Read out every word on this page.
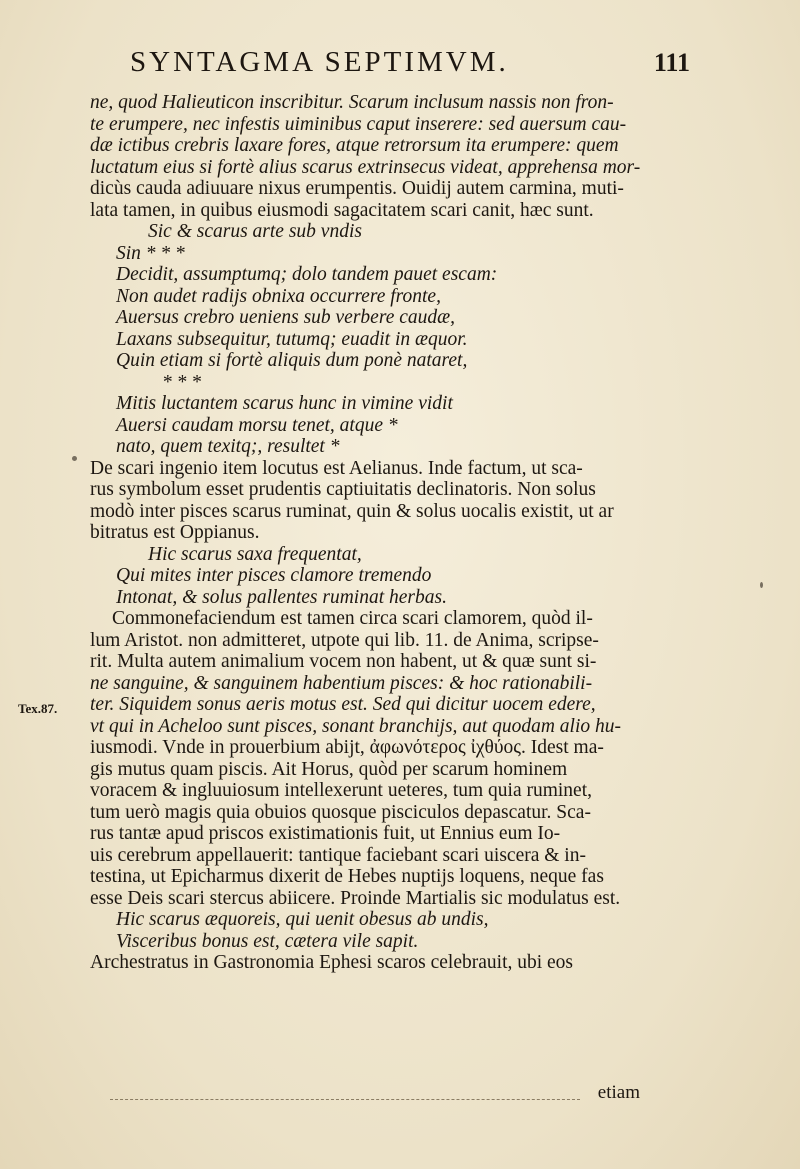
SYNTAGMA SEPTIMVM.	111
Tex.87.
ne, quod Halieuticon inscribitur. Scarum inclusum nassis non fron-
te erumpere, nec infestis uiminibus caput inserere: sed auersum cau-
dæ ictibus crebris laxare fores, atque retrorsum ita erumpere: quem
luctatum eius si fortè alius scarus extrinsecus videat, apprehensa mor-
dicùs cauda adiuuare nixus erumpentis. Ouidij autem carmina, muti-
lata tamen, in quibus eiusmodi sagacitatem scari canit, hæc sunt.
Sic & scarus arte sub vndis
Sin * * *
Decidit, assumptumq; dolo tandem pauet escam:
Non audet radijs obnixa occurrere fronte,
Auersus crebro ueniens sub verbere caudæ,
Laxans subsequitur, tutumq; euadit in æquor.
Quin etiam si fortè aliquis dum ponè nataret,
* * *
Mitis luctantem scarus hunc in vimine vidit
Auersi caudam morsu tenet, atque *
nato, quem texitq;, resultet *
De scari ingenio item locutus est Aelianus. Inde factum, ut sca-
rus symbolum esset prudentis captiuitatis declinatoris. Non solus
modò inter pisces scarus ruminat, quin & solus uocalis existit, ut ar
bitratus est Oppianus.
Hic scarus saxa frequentat,
Qui mites inter pisces clamore tremendo
Intonat, & solus pallentes ruminat herbas.
Commonefaciendum est tamen circa scari clamorem, quòd il-
lum Aristot. non admitteret, utpote qui lib. 11. de Anima, scripse-
rit. Multa autem animalium vocem non habent, ut & quæ sunt si-
ne sanguine, & sanguinem habentium pisces: & hoc rationabili-
ter. Siquidem sonus aeris motus est. Sed qui dicitur uocem edere,
vt qui in Acheloo sunt pisces, sonant branchijs, aut quodam alio hu-
iusmodi. Vnde in prouerbium abijt, ἀφωνότερος ἰχθύος. Idest ma-
gis mutus quam piscis. Ait Horus, quòd per scarum hominem
voracem & ingluuiosum intellexerunt ueteres, tum quia ruminet,
tum uerò magis quia obuios quosque pisciculos depascatur. Sca-
rus tantæ apud priscos existimationis fuit, ut Ennius eum Io-
uis cerebrum appellauerit: tantique faciebant scari uiscera & in-
testina, ut Epicharmus dixerit de Hebes nuptijs loquens, neque fas
esse Deis scari stercus abiicere. Proinde Martialis sic modulatus est.
Hic scarus æquoreis, qui uenit obesus ab undis,
Visceribus bonus est, cætera vile sapit.
Archestratus in Gastronomia Ephesi scaros celebrauit, ubi eos
etiam
